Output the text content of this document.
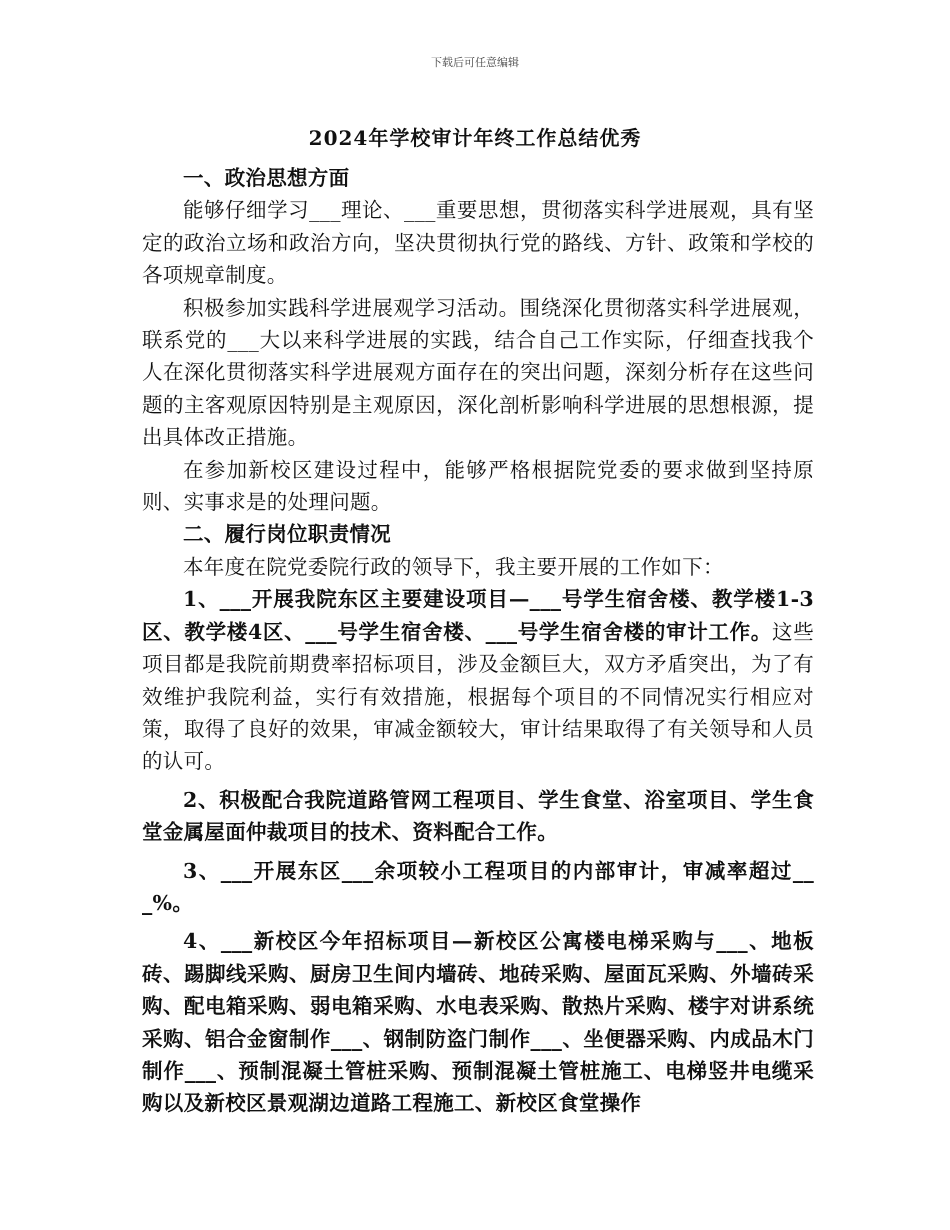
下载后可任意编辑
2024年学校审计年终工作总结优秀

一、政治思想方面

能够仔细学习___理论、___重要思想，贯彻落实科学进展观，具有坚定的政治立场和政治方向，坚决贯彻执行党的路线、方针、政策和学校的各项规章制度。

积极参加实践科学进展观学习活动。围绕深化贯彻落实科学进展观，联系党的___大以来科学进展的实践，结合自己工作实际，仔细查找我个人在深化贯彻落实科学进展观方面存在的突出问题，深刻分析存在这些问题的主客观原因特别是主观原因，深化剖析影响科学进展的思想根源，提出具体改正措施。

在参加新校区建设过程中，能够严格根据院党委的要求做到坚持原则、实事求是的处理问题。

二、履行岗位职责情况

本年度在院党委院行政的领导下，我主要开展的工作如下：

1、___开展我院东区主要建设项目—___号学生宿舍楼、教学楼1-3区、教学楼4区、___号学生宿舍楼、___号学生宿舍楼的审计工作。这些项目都是我院前期费率招标项目，涉及金额巨大，双方矛盾突出，为了有效维护我院利益，实行有效措施，根据每个项目的不同情况实行相应对策，取得了良好的效果，审减金额较大，审计结果取得了有关领导和人员的认可。

2、积极配合我院道路管网工程项目、学生食堂、浴室项目、学生食堂金属屋面仲裁项目的技术、资料配合工作。

3、___开展东区___余项较小工程项目的内部审计，审减率超过___%。

4、___新校区今年招标项目—新校区公寓楼电梯采购与___、地板砖、踢脚线采购、厨房卫生间内墙砖、地砖采购、屋面瓦采购、外墙砖采购、配电箱采购、弱电箱采购、水电表采购、散热片采购、楼宇对讲系统采购、铝合金窗制作___、钢制防盗门制作___、坐便器采购、内成品木门制作___、预制混凝土管桩采购、预制混凝土管桩施工、电梯竖井电缆采购以及新校区景观湖边道路工程施工、新校区食堂操作
